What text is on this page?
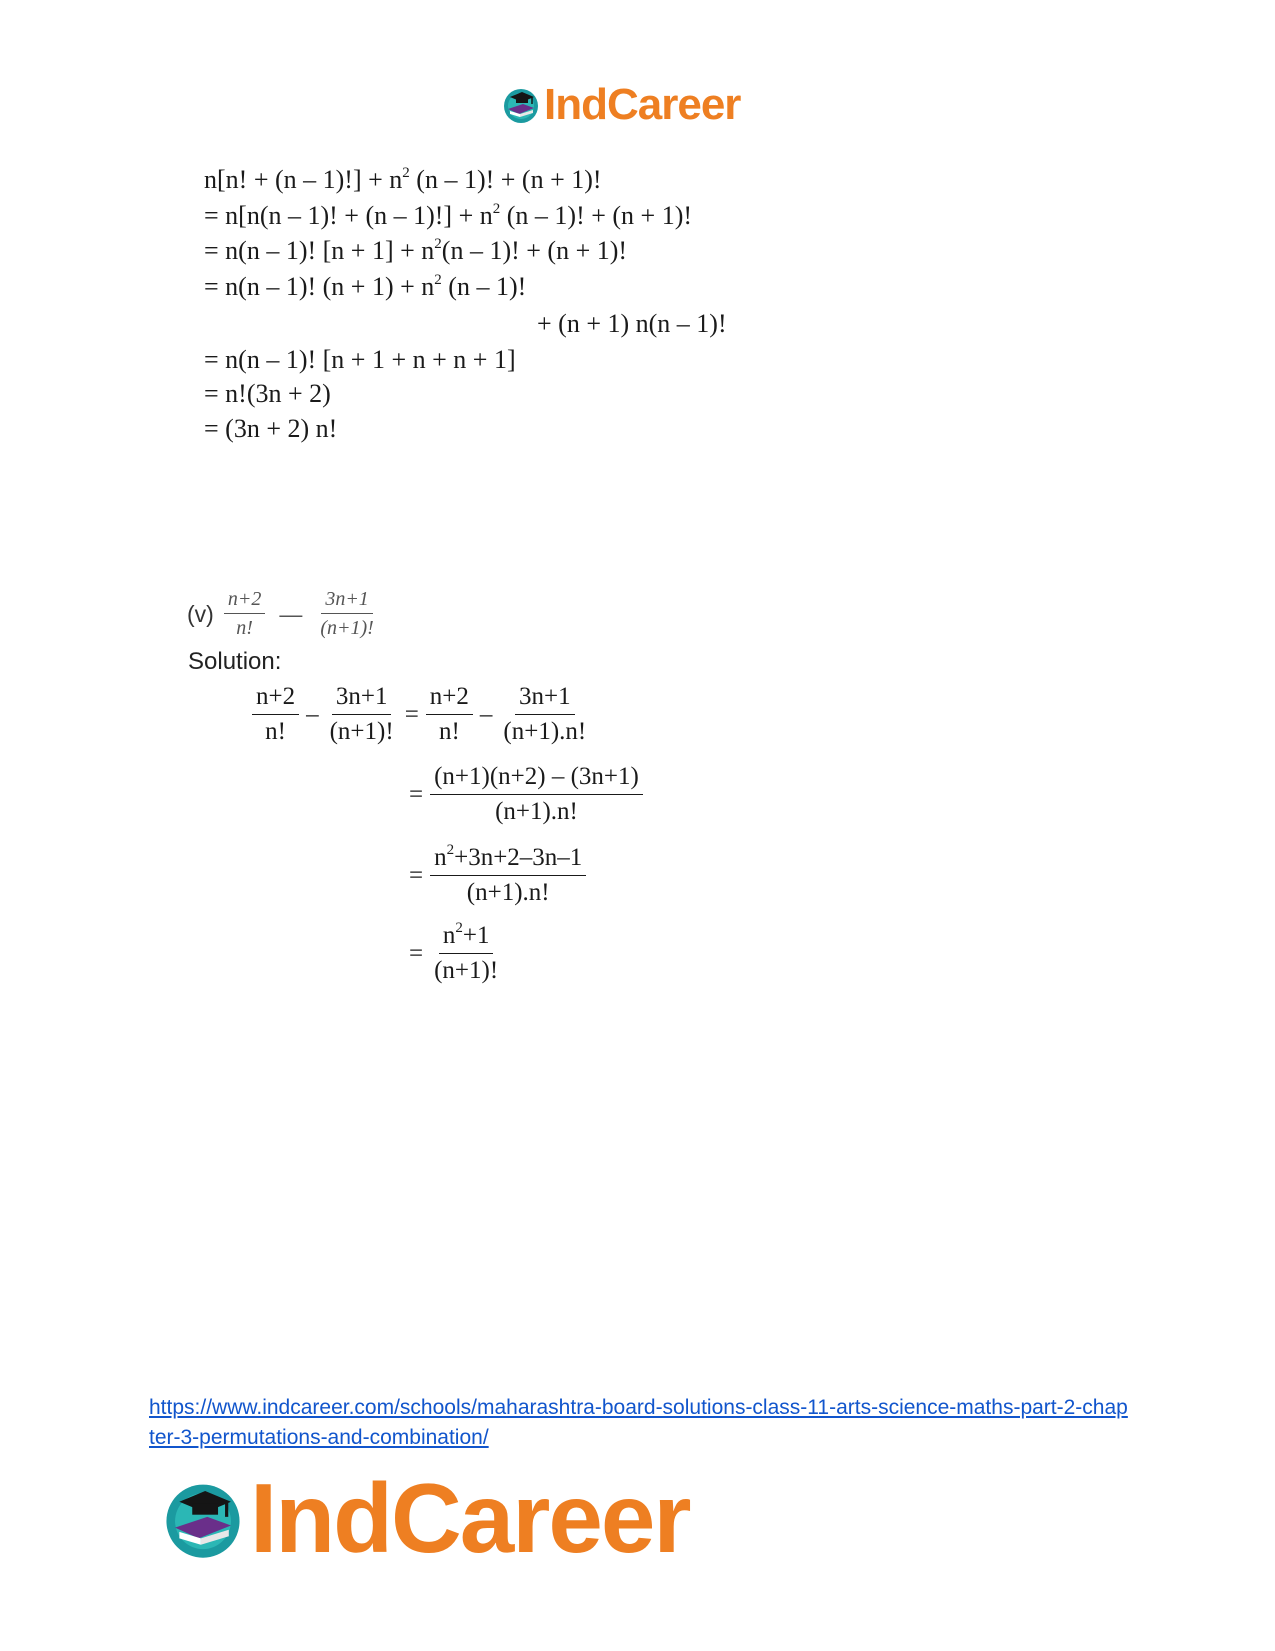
IndCareer
n[n! + $(n - 1)!] + n^2$ (n – 1)! + (n + 1)!
= n[n(n – 1)! + $(n - 1)!] + n^2$ (n – 1)! + (n + 1)!
= n(n – 1)! $[n + 1] + n^2(n - 1)$! + (n + 1)!
= n(n – 1)! $(n + 1) + n^2$ (n – 1)!
+ (n + 1) n(n – 1)!
= n(n – 1)! [n + 1 + n + n + 1]
= n!(3n + 2)
= (3n + 2) n!
$(v) \frac{n+2}{n!}$ — $\frac{3n+1}{(n+1)!}$
Solution:
$\frac{n+2}{n!} - \frac{3n+1}{(n+1)!} = \frac{n+2}{n!} - \frac{3n+1}{(n+1).n!}$
= $\frac{(n+1)(n+2) - (3n+1)}{(n+1).n!}$
= $\frac{n^2+3n+2-3n-1}{(n+1).n!}$
= $\frac{n^2+1}{(n+1)!}$
https://www.indcareer.com/schools/maharashtra-board-solutions-class-11-arts-science-maths-part-2-chapter-3-permutations-and-combination/
IndCareer
